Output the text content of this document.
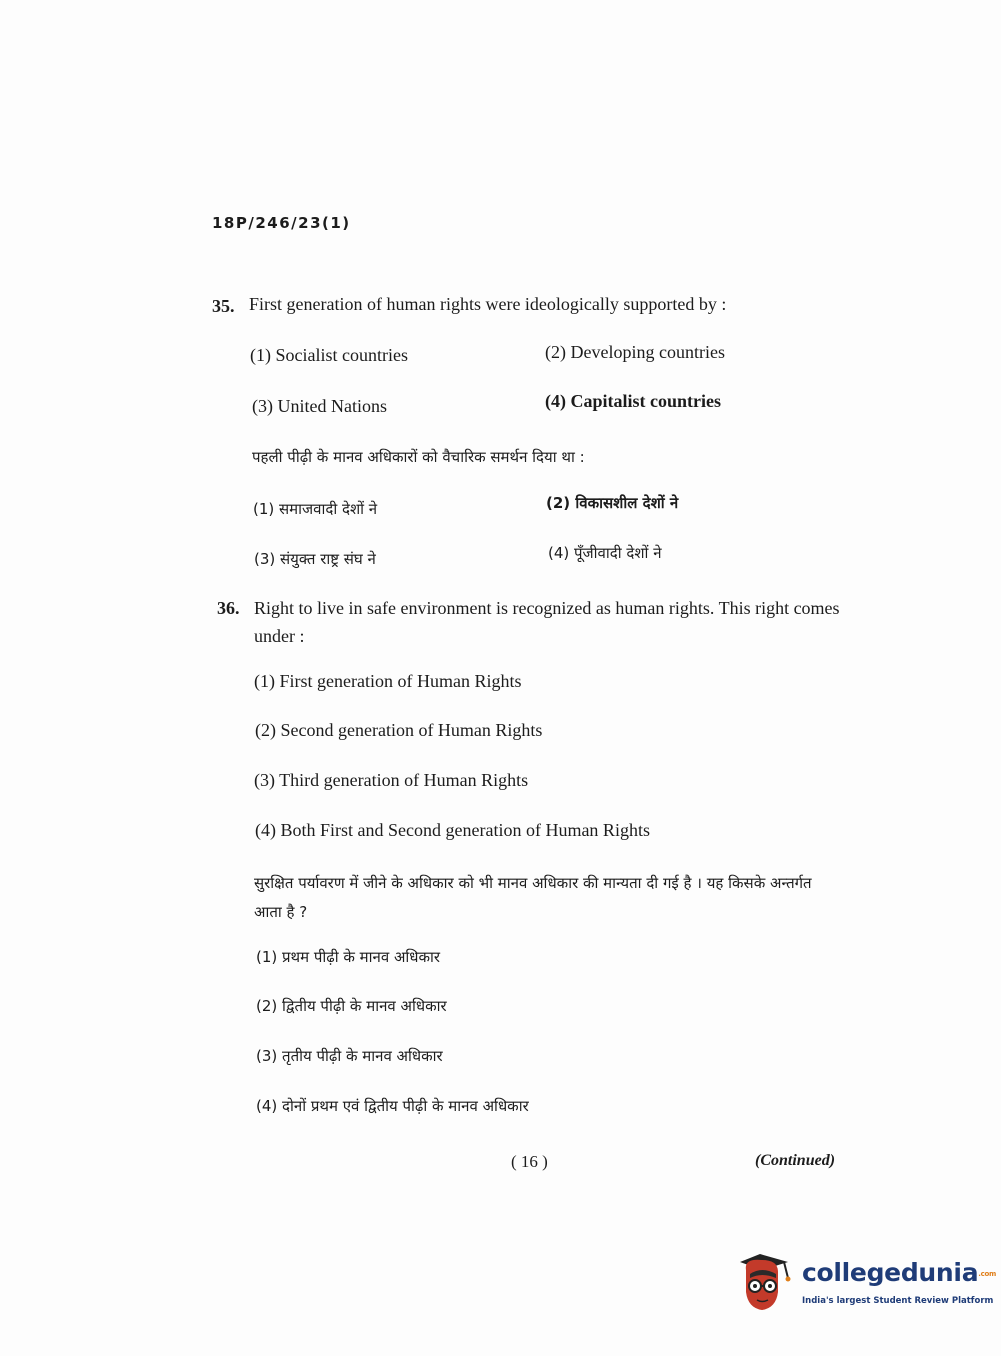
18P/246/23(1)
35. First generation of human rights were ideologically supported by :
(1) Socialist countries	(2) Developing countries
(3) United Nations	(4) Capitalist countries
पहली पीढ़ी के मानव अधिकारों को वैचारिक समर्थन दिया था :
(1) समाजवादी देशों ने	(2) विकासशील देशों ने
(3) संयुक्त राष्ट्र संघ ने	(4) पूँजीवादी देशों ने
36. Right to live in safe environment is recognized as human rights. This right comes under :
(1) First generation of Human Rights
(2) Second generation of Human Rights
(3) Third generation of Human Rights
(4) Both First and Second generation of Human Rights
सुरक्षित पर्यावरण में जीने के अधिकार को भी मानव अधिकार की मान्यता दी गई है । यह किसके अन्तर्गत आता है ?
(1) प्रथम पीढ़ी के मानव अधिकार
(2) द्वितीय पीढ़ी के मानव अधिकार
(3) तृतीय पीढ़ी के मानव अधिकार
(4) दोनों प्रथम एवं द्वितीय पीढ़ी के मानव अधिकार
( 16 )	(Continued)
collegedunia.com
India's largest Student Review Platform
